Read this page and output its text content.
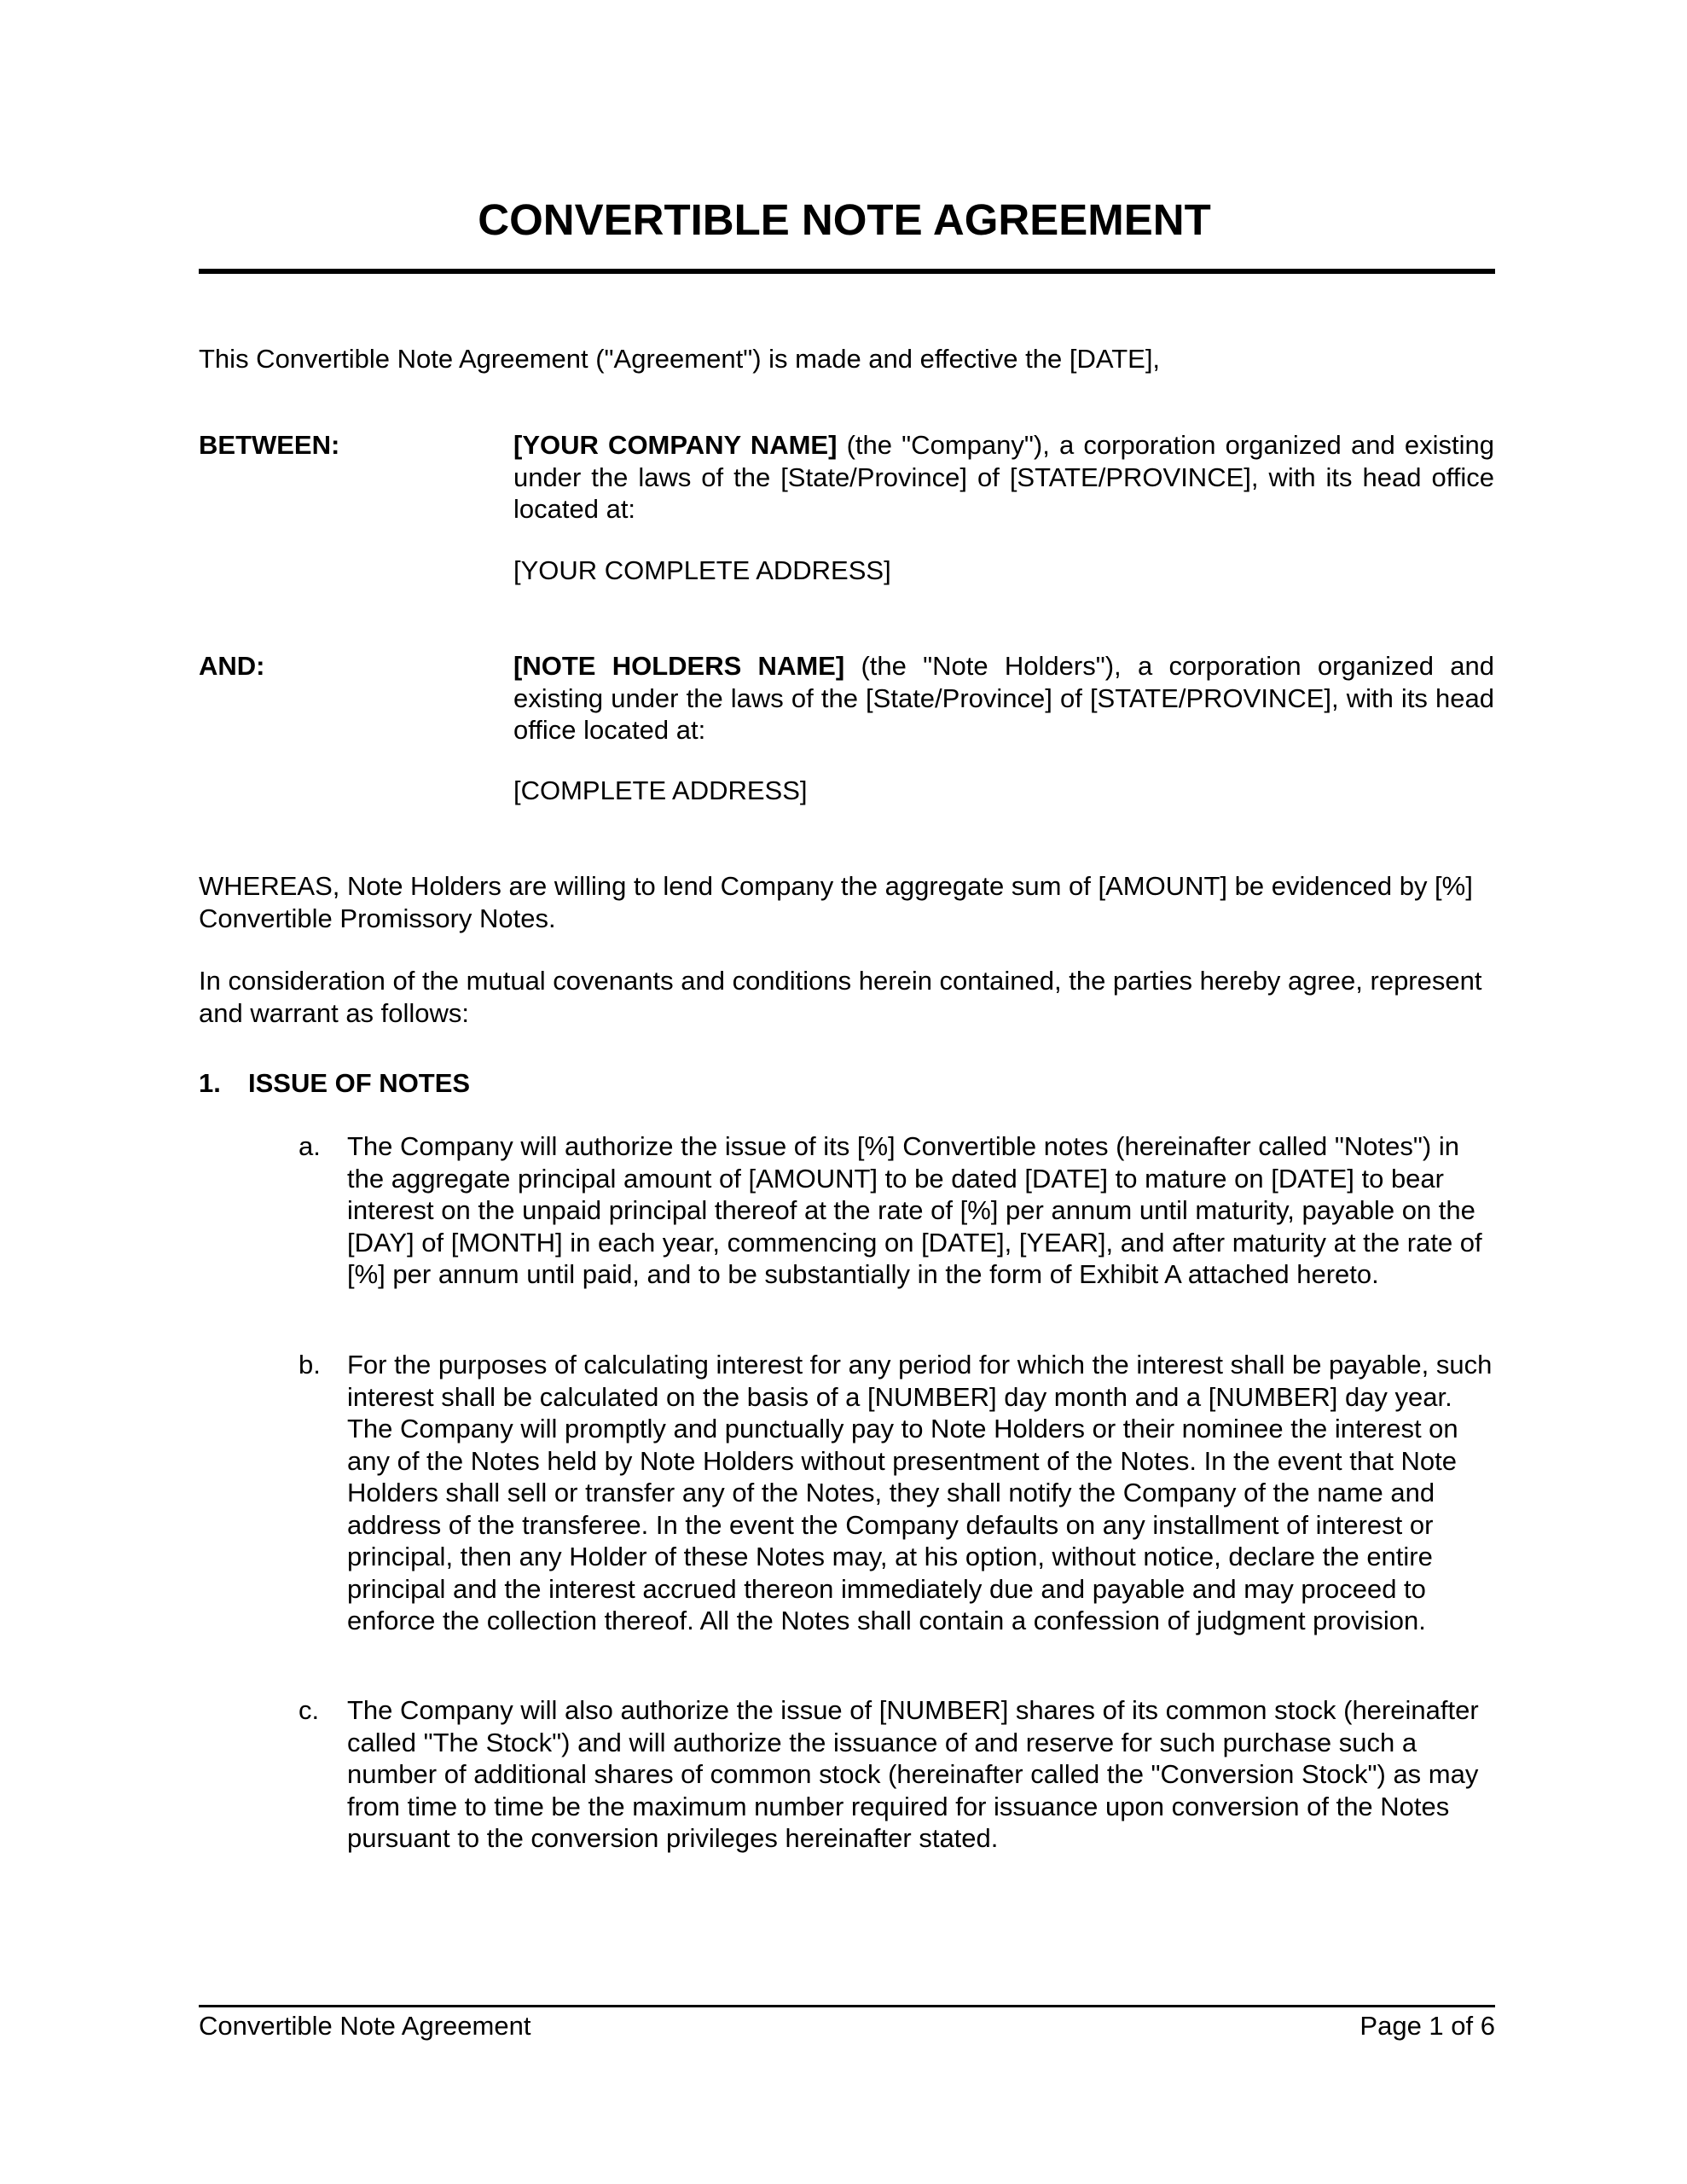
CONVERTIBLE NOTE AGREEMENT

This Convertible Note Agreement ("Agreement") is made and effective the [DATE],

BETWEEN:	[YOUR COMPANY NAME] (the "Company"), a corporation organized and existing under the laws of the [State/Province] of [STATE/PROVINCE], with its head office located at:

[YOUR COMPLETE ADDRESS]

AND:	[NOTE HOLDERS NAME] (the "Note Holders"), a corporation organized and existing under the laws of the [State/Province] of [STATE/PROVINCE], with its head office located at:

[COMPLETE ADDRESS]

WHEREAS, Note Holders are willing to lend Company the aggregate sum of [AMOUNT] be evidenced by [%] Convertible Promissory Notes.

In consideration of the mutual covenants and conditions herein contained, the parties hereby agree, represent and warrant as follows:

1. ISSUE OF NOTES

a. The Company will authorize the issue of its [%] Convertible notes (hereinafter called "Notes") in the aggregate principal amount of [AMOUNT] to be dated [DATE] to mature on [DATE] to bear interest on the unpaid principal thereof at the rate of [%] per annum until maturity, payable on the [DAY] of [MONTH] in each year, commencing on [DATE], [YEAR], and after maturity at the rate of [%] per annum until paid, and to be substantially in the form of Exhibit A attached hereto.

b. For the purposes of calculating interest for any period for which the interest shall be payable, such interest shall be calculated on the basis of a [NUMBER] day month and a [NUMBER] day year. The Company will promptly and punctually pay to Note Holders or their nominee the interest on any of the Notes held by Note Holders without presentment of the Notes. In the event that Note Holders shall sell or transfer any of the Notes, they shall notify the Company of the name and address of the transferee. In the event the Company defaults on any installment of interest or principal, then any Holder of these Notes may, at his option, without notice, declare the entire principal and the interest accrued thereon immediately due and payable and may proceed to enforce the collection thereof. All the Notes shall contain a confession of judgment provision.

c. The Company will also authorize the issue of [NUMBER] shares of its common stock (hereinafter called "The Stock") and will authorize the issuance of and reserve for such purchase such a number of additional shares of common stock (hereinafter called the "Conversion Stock") as may from time to time be the maximum number required for issuance upon conversion of the Notes pursuant to the conversion privileges hereinafter stated.

Convertible Note Agreement	Page 1 of 6
